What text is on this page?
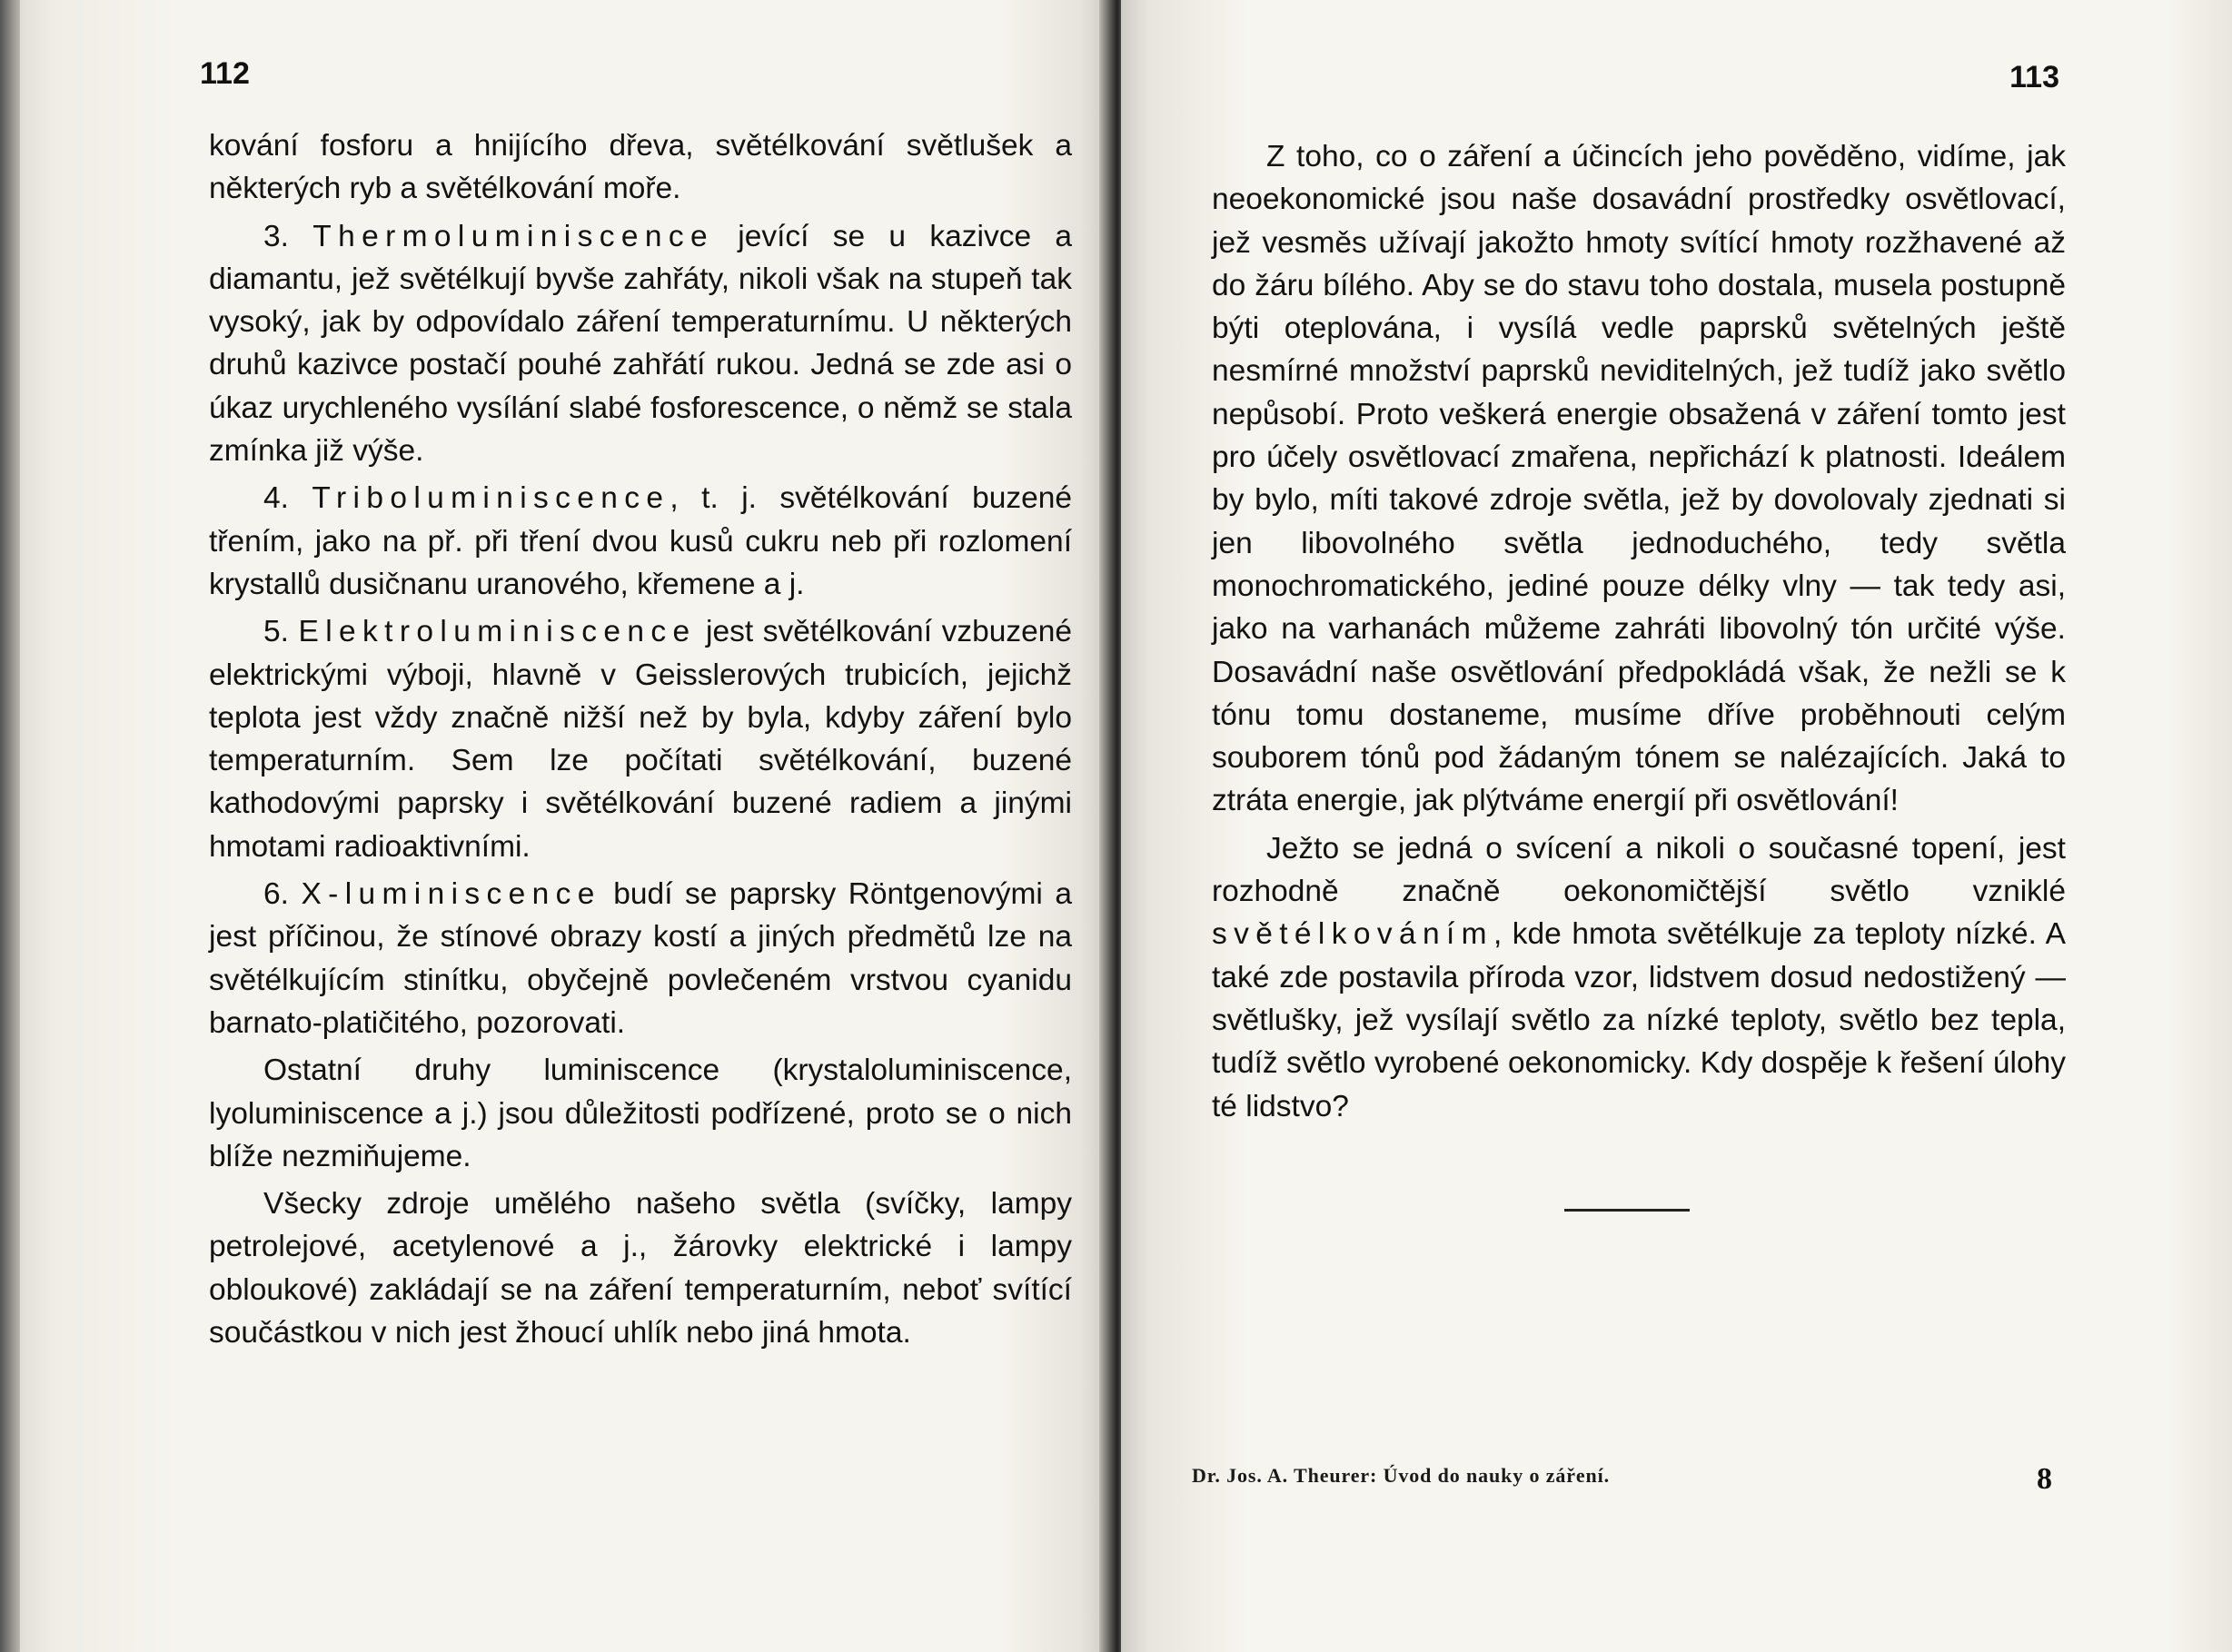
112

kování fosforu a hnijícího dřeva, světélkování světlušek a některých ryb a světélkování moře.

3. Thermoluminiscence jevící se u kazivce a diamantu, jež světélkují byvše zahřáty, nikoli však na stupeň tak vysoký, jak by odpovídalo záření temperaturnímu. U některých druhů kazivce postačí pouhé zahřátí rukou. Jedná se zde asi o úkaz urychleného vysílání slabé fosforescence, o němž se stala zmínka již výše.

4. Triboluminiscence, t. j. světélkování buzené třením, jako na př. při tření dvou kusů cukru neb při rozlomení krystallů dusičnanu uranového, křemene a j.

5. Elektroluminiscence jest světélkování vzbuzené elektrickými výboji, hlavně v Geisslerových trubicích, jejichž teplota jest vždy značně nižší než by byla, kdyby záření bylo temperaturním. Sem lze počítati světélkování, buzené kathodovými paprsky i světélkování buzené radiem a jinými hmotami radioaktivními.

6. X-luminiscence budí se paprsky Röntgenovými a jest příčinou, že stínové obrazy kostí a jiných předmětů lze na světélkujícím stinítku, obyčejně povlečeném vrstvou cyanidu barnato-platičitého, pozorovati.

Ostatní druhy luminiscence (krystaloluminiscence, lyoluminiscence a j.) jsou důležitosti podřízené, proto se o nich blíže nezmiňujeme.

Všecky zdroje umělého našeho světla (svíčky, lampy petrolejové, acetylenové a j., žárovky elektrické i lampy obloukové) zakládají se na záření temperaturním, neboť svítící součástkou v nich jest žhoucí uhlík nebo jiná hmota.

113

Z toho, co o záření a účincích jeho pověděno, vidíme, jak neoekonomické jsou naše dosavádní prostředky osvětlovací, jež vesměs užívají jakožto hmoty svítící hmoty rozžhavené až do žáru bílého. Aby se do stavu toho dostala, musela postupně býti oteplována, i vysílá vedle paprsků světelných ještě nesmírné množství paprsků neviditelných, jež tudíž jako světlo nepůsobí. Proto veškerá energie obsažená v záření tomto jest pro účely osvětlovací zmařena, nepřichází k platnosti. Ideálem by bylo, míti takové zdroje světla, jež by dovolovaly zjednati si jen libovolného světla jednoduchého, tedy světla monochromatického, jediné pouze délky vlny — tak tedy asi, jako na varhanách můžeme zahráti libovolný tón určité výše. Dosavádní naše osvětlování předpokládá však, že nežli se k tónu tomu dostaneme, musíme dříve proběhnouti celým souborem tónů pod žádaným tónem se nalézajících. Jaká to ztráta energie, jak plýtváme energií při osvětlování!

Ježto se jedná o svícení a nikoli o současné topení, jest rozhodně značně oekonomičtější světlo vzniklé světélkováním, kde hmota světélkuje za teploty nízké. A také zde postavila příroda vzor, lidstvem dosud nedostižený — světlušky, jež vysílají světlo za nízké teploty, světlo bez tepla, tudíž světlo vyrobené oekonomicky. Kdy dospěje k řešení úlohy té lidstvo?

Dr. Jos. A. Theurer: Úvod do nauky o záření.	8
